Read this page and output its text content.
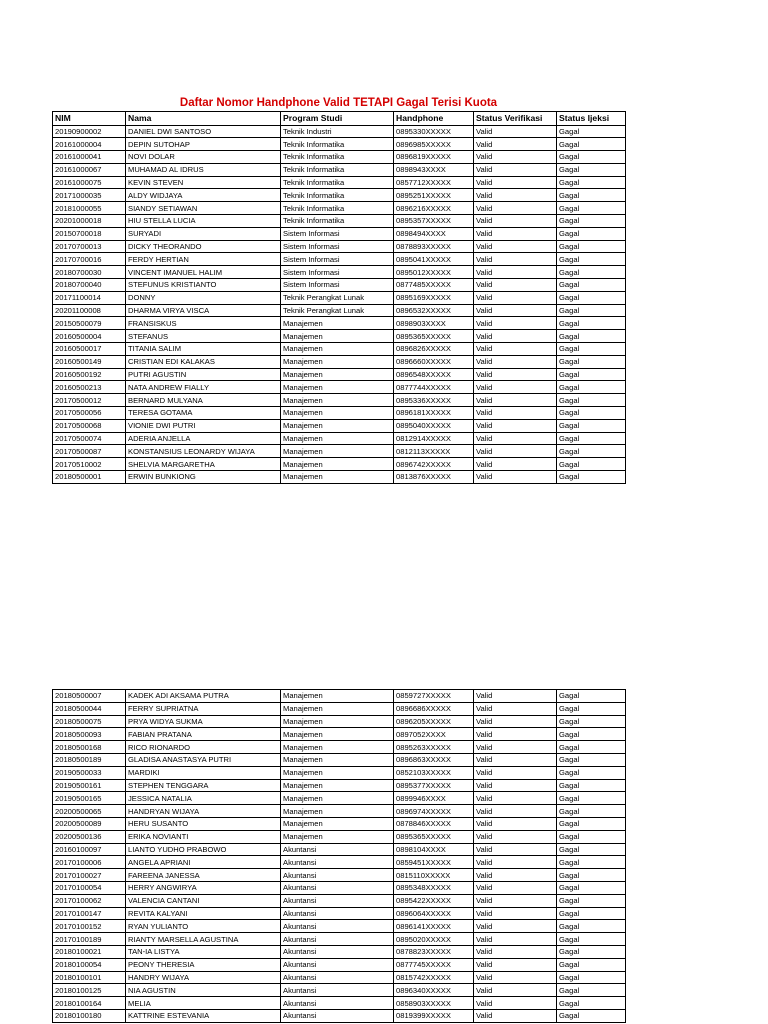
Daftar Nomor Handphone Valid TETAPI Gagal Terisi Kuota
NIM	Nama	Program Studi	Handphone	Status Verifikasi	Status Ijeksi
20190900002	DANIEL DWI SANTOSO	Teknik Industri	0895330XXXXX	Valid	Gagal
20161000004	DEPIN SUTOHAP	Teknik Informatika	0896985XXXXX	Valid	Gagal
20161000041	NOVI DOLAR	Teknik Informatika	0896819XXXXX	Valid	Gagal
20161000067	MUHAMAD AL IDRUS	Teknik Informatika	0898943XXXX	Valid	Gagal
20161000075	KEVIN STEVEN	Teknik Informatika	0857712XXXXX	Valid	Gagal
20171000035	ALDY WIDJAYA	Teknik Informatika	0895251XXXXX	Valid	Gagal
20181000055	SIANDY SETIAWAN	Teknik Informatika	0896216XXXXX	Valid	Gagal
20201000018	HIU STELLA LUCIA	Teknik Informatika	0895357XXXXX	Valid	Gagal
20150700018	SURYADI	Sistem Informasi	0898494XXXX	Valid	Gagal
20170700013	DICKY THEORANDO	Sistem Informasi	0878893XXXXX	Valid	Gagal
20170700016	FERDY HERTIAN	Sistem Informasi	0895041XXXXX	Valid	Gagal
20180700030	VINCENT IMANUEL HALIM	Sistem Informasi	0895012XXXXX	Valid	Gagal
20180700040	STEFUNUS KRISTIANTO	Sistem Informasi	0877485XXXXX	Valid	Gagal
20171100014	DONNY	Teknik Perangkat Lunak	0895169XXXXX	Valid	Gagal
20201100008	DHARMA VIRYA VISCA	Teknik Perangkat Lunak	0896532XXXXX	Valid	Gagal
20150500079	FRANSISKUS	Manajemen	0898903XXXX	Valid	Gagal
20160500004	STEFANUS	Manajemen	0895365XXXXX	Valid	Gagal
20160500017	TITANIA SALIM	Manajemen	0896826XXXXX	Valid	Gagal
20160500149	CRISTIAN EDI KALAKAS	Manajemen	0896660XXXXX	Valid	Gagal
20160500192	PUTRI AGUSTIN	Manajemen	0896548XXXXX	Valid	Gagal
20160500213	NATA ANDREW FIALLY	Manajemen	0877744XXXXX	Valid	Gagal
20170500012	BERNARD MULYANA	Manajemen	0895336XXXXX	Valid	Gagal
20170500056	TERESA GOTAMA	Manajemen	0896181XXXXX	Valid	Gagal
20170500068	VIONIE DWI PUTRI	Manajemen	0895040XXXXX	Valid	Gagal
20170500074	ADERIA ANJELLA	Manajemen	0812914XXXXX	Valid	Gagal
20170500087	KONSTANSIUS LEONARDY WIJAYA	Manajemen	0812113XXXXX	Valid	Gagal
20170510002	SHELVIA MARGARETHA	Manajemen	0896742XXXXX	Valid	Gagal
20180500001	ERWIN BUNKIONG	Manajemen	0813876XXXXX	Valid	Gagal
20180500007	KADEK ADI AKSAMA PUTRA	Manajemen	0859727XXXXX	Valid	Gagal
20180500044	FERRY SUPRIATNA	Manajemen	0896686XXXXX	Valid	Gagal
20180500075	PRYA WIDYA SUKMA	Manajemen	0896205XXXXX	Valid	Gagal
20180500093	FABIAN PRATANA	Manajemen	0897052XXXX	Valid	Gagal
20180500168	RICO RIONARDO	Manajemen	0895263XXXXX	Valid	Gagal
20180500189	GLADISA ANASTASYA PUTRI	Manajemen	0896863XXXXX	Valid	Gagal
20190500033	MARDIKI	Manajemen	0852103XXXXX	Valid	Gagal
20190500161	STEPHEN TENGGARA	Manajemen	0895377XXXXX	Valid	Gagal
20190500165	JESSICA NATALIA	Manajemen	0899946XXXX	Valid	Gagal
20200500065	HANDRYAN WIJAYA	Manajemen	0896974XXXXX	Valid	Gagal
20200500089	HERU SUSANTO	Manajemen	0878846XXXXX	Valid	Gagal
20200500136	ERIKA NOVIANTI	Manajemen	0895365XXXXX	Valid	Gagal
20160100097	LIANTO YUDHO PRABOWO	Akuntansi	0898104XXXX	Valid	Gagal
20170100006	ANGELA APRIANI	Akuntansi	0859451XXXXX	Valid	Gagal
20170100027	FAREENA JANESSA	Akuntansi	0815110XXXXX	Valid	Gagal
20170100054	HERRY ANGWIRYA	Akuntansi	0895348XXXXX	Valid	Gagal
20170100062	VALENCIA CANTANI	Akuntansi	0895422XXXXX	Valid	Gagal
20170100147	REVITA KALYANI	Akuntansi	0896064XXXXX	Valid	Gagal
20170100152	RYAN YULIANTO	Akuntansi	0896141XXXXX	Valid	Gagal
20170100189	RIANTY MARSELLA AGUSTINA	Akuntansi	0895020XXXXX	Valid	Gagal
20180100021	TAN-IA LISTYA	Akuntansi	0878823XXXXX	Valid	Gagal
20180100054	PEONY THERESIA	Akuntansi	0877745XXXXX	Valid	Gagal
20180100101	HANDRY WIJAYA	Akuntansi	0815742XXXXX	Valid	Gagal
20180100125	NIA AGUSTIN	Akuntansi	0896340XXXXX	Valid	Gagal
20180100164	MELIA	Akuntansi	0858903XXXXX	Valid	Gagal
20180100180	KATTRINE ESTEVANIA	Akuntansi	0819399XXXXX	Valid	Gagal
